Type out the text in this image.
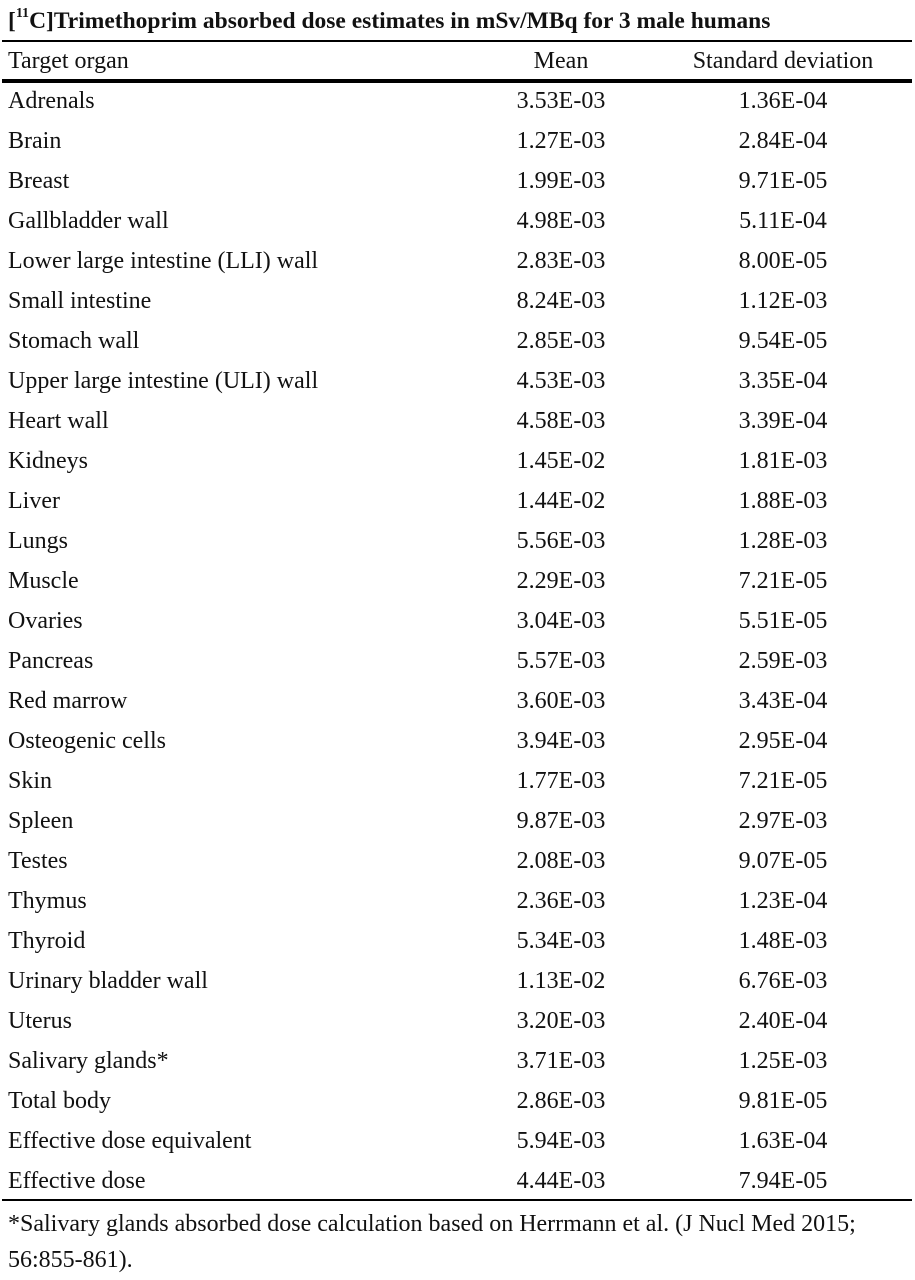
[$^{11}$C]Trimethoprim absorbed dose estimates in mSv/MBq for 3 male humans
Target organ	Mean	Standard deviation
Adrenals	3.53E-03	1.36E-04
Brain	1.27E-03	2.84E-04
Breast	1.99E-03	9.71E-05
Gallbladder wall	4.98E-03	5.11E-04
Lower large intestine (LLI) wall	2.83E-03	8.00E-05
Small intestine	8.24E-03	1.12E-03
Stomach wall	2.85E-03	9.54E-05
Upper large intestine (ULI) wall	4.53E-03	3.35E-04
Heart wall	4.58E-03	3.39E-04
Kidneys	1.45E-02	1.81E-03
Liver	1.44E-02	1.88E-03
Lungs	5.56E-03	1.28E-03
Muscle	2.29E-03	7.21E-05
Ovaries	3.04E-03	5.51E-05
Pancreas	5.57E-03	2.59E-03
Red marrow	3.60E-03	3.43E-04
Osteogenic cells	3.94E-03	2.95E-04
Skin	1.77E-03	7.21E-05
Spleen	9.87E-03	2.97E-03
Testes	2.08E-03	9.07E-05
Thymus	2.36E-03	1.23E-04
Thyroid	5.34E-03	1.48E-03
Urinary bladder wall	1.13E-02	6.76E-03
Uterus	3.20E-03	2.40E-04
Salivary glands*	3.71E-03	1.25E-03
Total body	2.86E-03	9.81E-05
Effective dose equivalent	5.94E-03	1.63E-04
Effective dose	4.44E-03	7.94E-05
*Salivary glands absorbed dose calculation based on Herrmann et al. (J Nucl Med 2015; 56:855-861).
